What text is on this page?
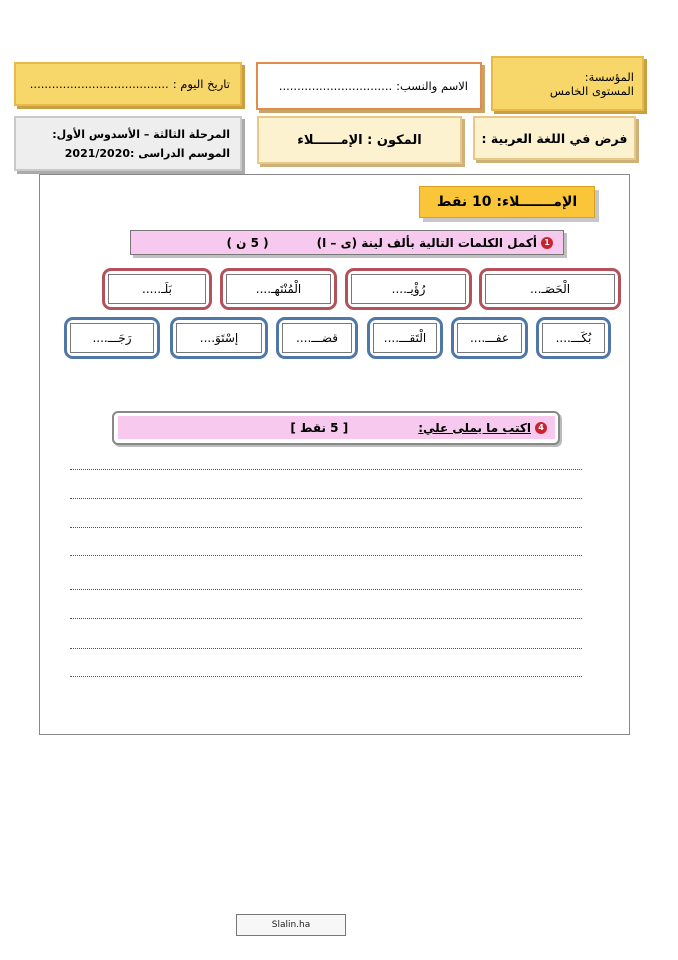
المؤسسة:
المستوى الخامس
الاسم والنسب:
...............................
تاريخ اليوم :
......................................
فرض في اللغة العربية :
المكون : الإمــــــلاء
المرحلة الثالثة – الأسدوس الأول:
الموسم الدراسى :2021/2020
الإمـــــــلاء: 10 نقط
1
أكمل الكلمات التالية بألف لينة (ى – ا)
( 5 ن )
الْحَصَـ...
رُؤْيـ....
الْمُنْتَهـ....
بَلَـ.....
بُكَـــ....
عفـــ....
الْتَقـــ....
قضـــ....
إسْتَوَ....
رَجَـــ....
4
اكتب ما يملى علي:
[ 5 نقط ]
Slalin.ha
